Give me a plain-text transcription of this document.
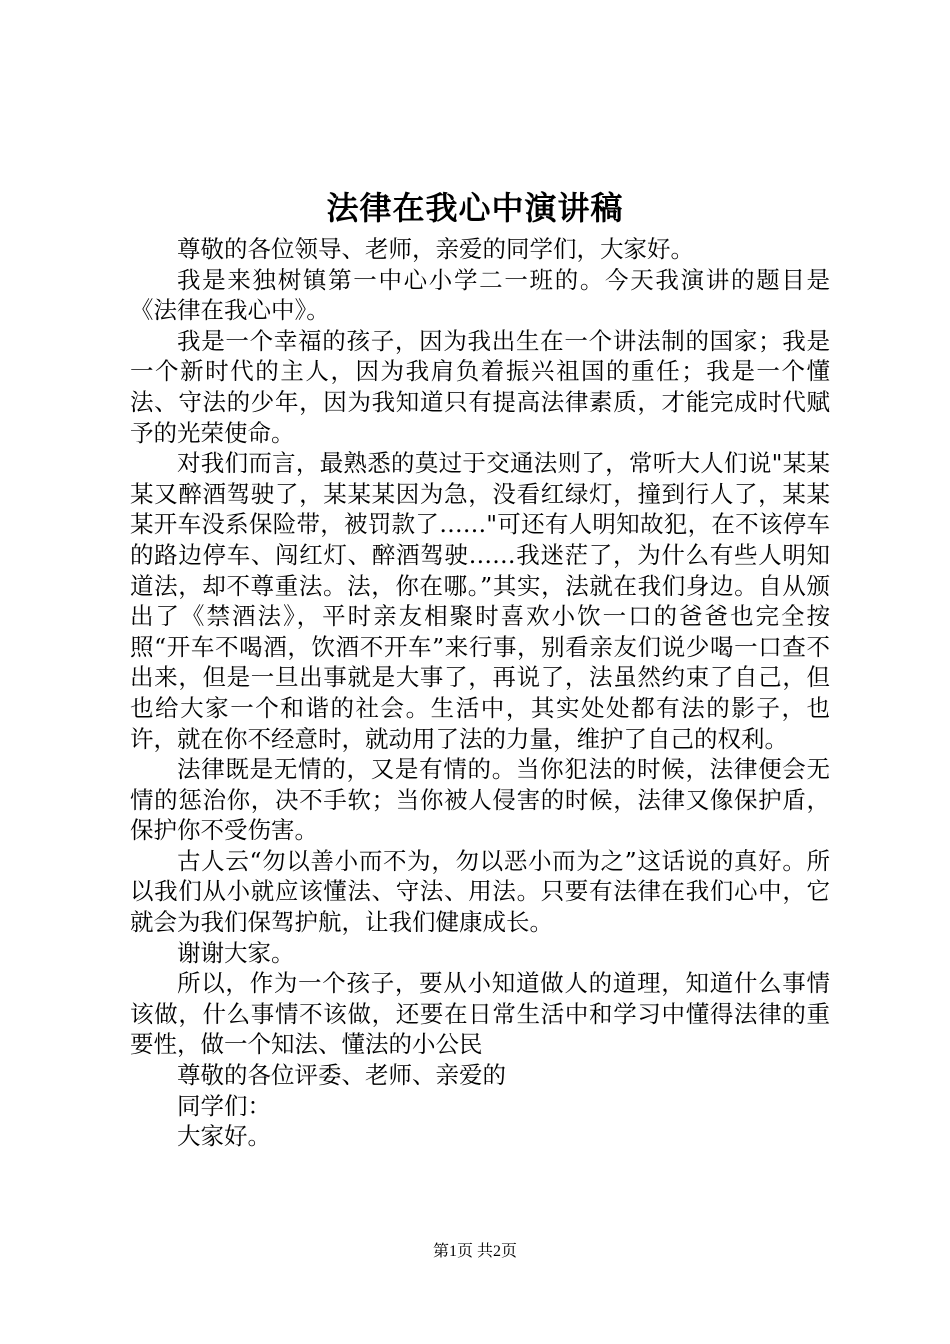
法律在我心中演讲稿

尊敬的各位领导、老师，亲爱的同学们，大家好。

我是来独树镇第一中心小学二一班的。今天我演讲的题目是《法律在我心中》。

我是一个幸福的孩子，因为我出生在一个讲法制的国家；我是一个新时代的主人，因为我肩负着振兴祖国的重任；我是一个懂法、守法的少年，因为我知道只有提高法律素质，才能完成时代赋予的光荣使命。

对我们而言，最熟悉的莫过于交通法则了，常听大人们说"某某某又醉酒驾驶了，某某某因为急，没看红绿灯，撞到行人了，某某某开车没系保险带，被罚款了……"可还有人明知故犯，在不该停车的路边停车、闯红灯、醉酒驾驶……我迷茫了，为什么有些人明知道法，却不尊重法。法，你在哪。”其实，法就在我们身边。自从颁出了《禁酒法》，平时亲友相聚时喜欢小饮一口的爸爸也完全按照“开车不喝酒，饮酒不开车”来行事，别看亲友们说少喝一口查不出来，但是一旦出事就是大事了，再说了，法虽然约束了自己，但也给大家一个和谐的社会。生活中，其实处处都有法的影子，也许，就在你不经意时，就动用了法的力量，维护了自己的权利。

法律既是无情的，又是有情的。当你犯法的时候，法律便会无情的惩治你，决不手软；当你被人侵害的时候，法律又像保护盾，保护你不受伤害。

古人云“勿以善小而不为，勿以恶小而为之”这话说的真好。所以我们从小就应该懂法、守法、用法。只要有法律在我们心中，它就会为我们保驾护航，让我们健康成长。

谢谢大家。

所以，作为一个孩子，要从小知道做人的道理，知道什么事情该做，什么事情不该做，还要在日常生活中和学习中懂得法律的重要性，做一个知法、懂法的小公民

尊敬的各位评委、老师、亲爱的

同学们：

大家好。

第1页 共2页
